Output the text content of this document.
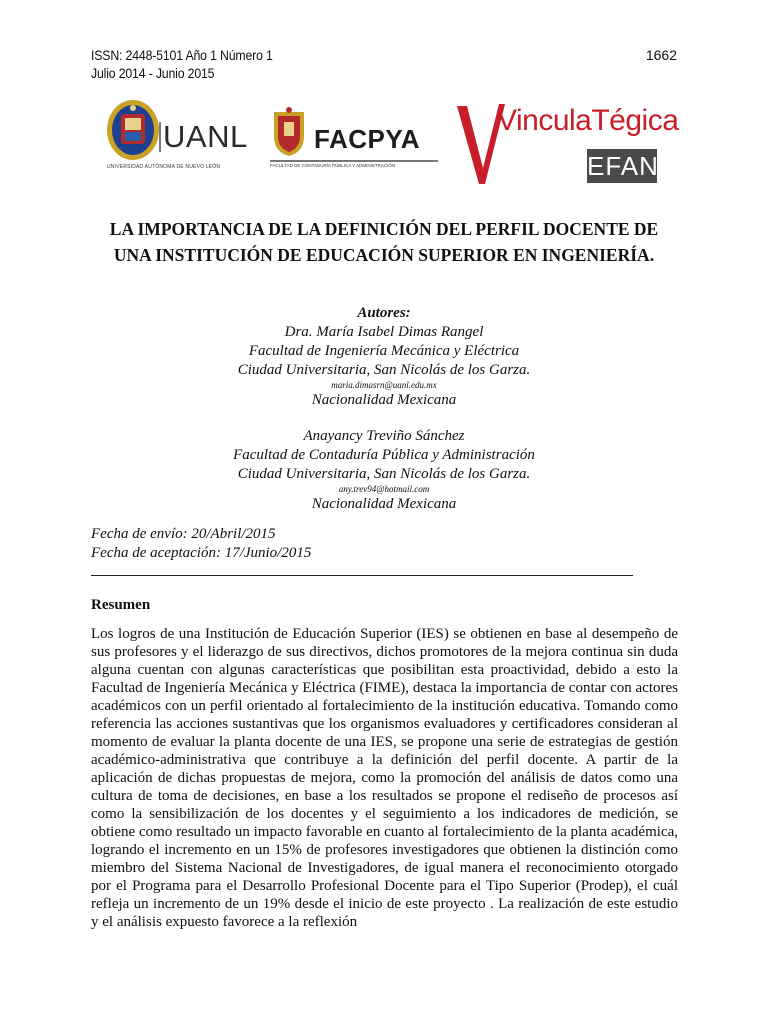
ISSN: 2448-5101 Año 1 Número 1
Julio 2014 - Junio 2015
1662
UANL
UNIVERSIDAD AUTÓNOMA DE NUEVO LEÓN
FACPYA
FACULTAD DE CONTADURÍA PÚBLICA Y ADMINISTRACIÓN
VinculaTégica
EFAN
LA IMPORTANCIA DE LA DEFINICIÓN DEL PERFIL DOCENTE DE UNA INSTITUCIÓN DE EDUCACIÓN SUPERIOR EN INGENIERÍA.
Autores:
Dra. María Isabel Dimas Rangel
Facultad de Ingeniería Mecánica y Eléctrica
Ciudad Universitaria, San Nicolás de los Garza.
maria.dimasrn@uanl.edu.mx
Nacionalidad Mexicana
Anayancy Treviño Sánchez
Facultad de Contaduría Pública y Administración
Ciudad Universitaria, San Nicolás de los Garza.
any.trev94@hotmail.com
Nacionalidad Mexicana
Fecha de envío: 20/Abril/2015
Fecha de aceptación: 17/Junio/2015
Resumen
Los logros de una Institución de Educación Superior (IES) se obtienen en base al desempeño de sus profesores y el liderazgo de sus directivos, dichos promotores de la mejora continua sin duda alguna cuentan con algunas características que posibilitan esta proactividad, debido a esto la Facultad de Ingeniería Mecánica y Eléctrica (FIME), destaca la importancia de contar con actores académicos con un perfil orientado al fortalecimiento de la institución educativa. Tomando como referencia las acciones sustantivas que los organismos evaluadores y certificadores consideran al momento de evaluar la planta docente de una IES, se propone una serie de estrategias de gestión académico-administrativa que contribuye a la definición del perfil docente. A partir de la aplicación de dichas propuestas de mejora, como la promoción del análisis de datos como una cultura de toma de decisiones, en base a los resultados se propone el rediseño de procesos así como la sensibilización de los docentes y el seguimiento a los indicadores de medición, se obtiene como resultado un impacto favorable en cuanto al fortalecimiento de la planta académica, logrando el incremento en un 15% de profesores investigadores que obtienen la distinción como miembro del Sistema Nacional de Investigadores, de igual manera el reconocimiento otorgado por el Programa para el Desarrollo Profesional Docente para el Tipo Superior (Prodep), el cuál refleja un incremento de un 19% desde el inicio de este proyecto . La realización de este estudio y el análisis expuesto favorece a la reflexión
